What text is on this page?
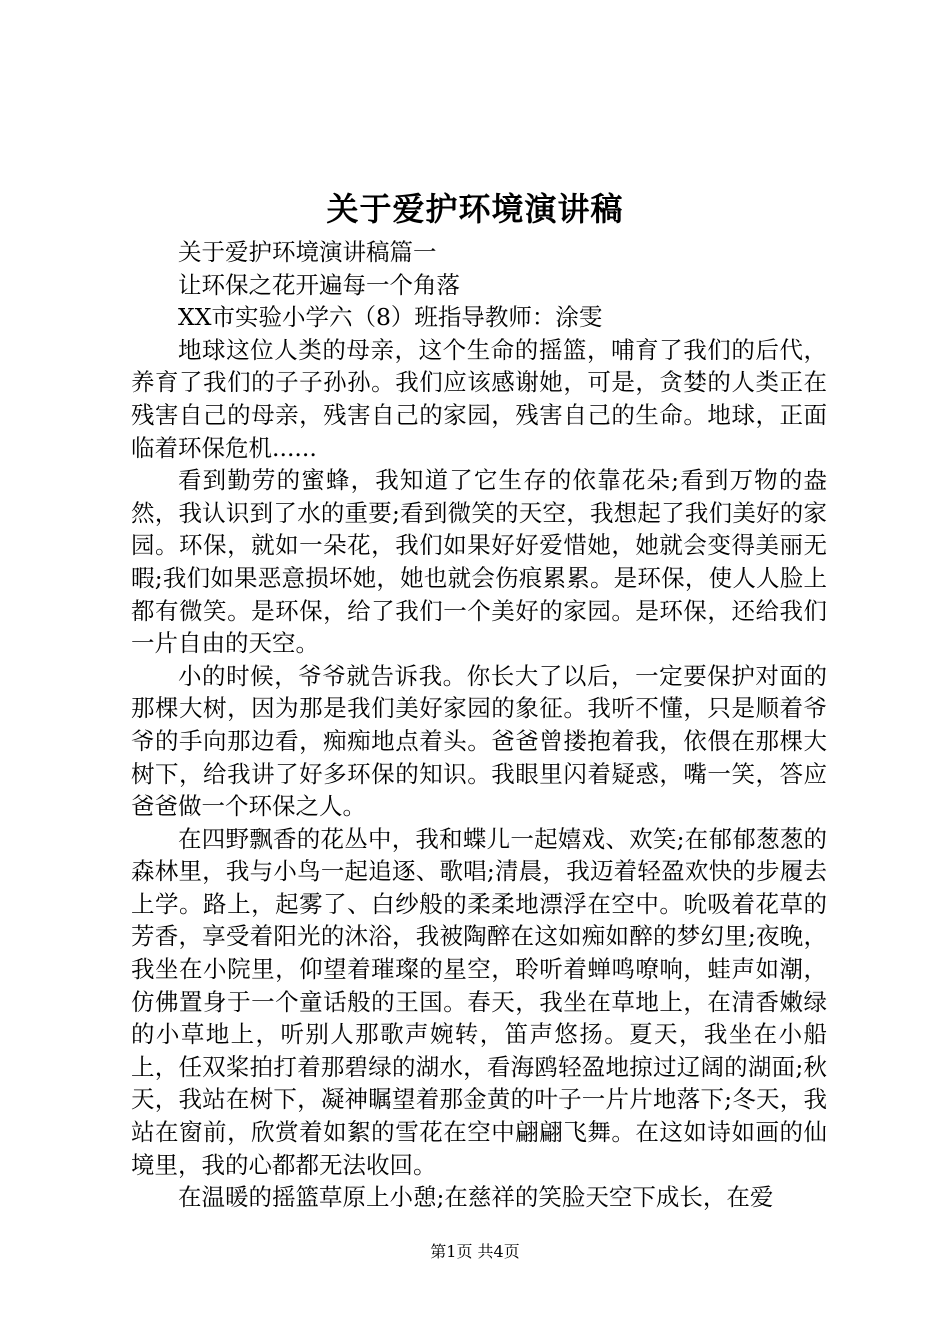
关于爱护环境演讲稿

关于爱护环境演讲稿篇一

让环保之花开遍每一个角落

XX市实验小学六（8）班指导教师：涂雯

地球这位人类的母亲，这个生命的摇篮，哺育了我们的后代，养育了我们的子子孙孙。我们应该感谢她，可是，贪婪的人类正在残害自己的母亲，残害自己的家园，残害自己的生命。地球，正面临着环保危机......

看到勤劳的蜜蜂，我知道了它生存的依靠花朵;看到万物的盎然，我认识到了水的重要;看到微笑的天空，我想起了我们美好的家园。环保，就如一朵花，我们如果好好爱惜她，她就会变得美丽无暇;我们如果恶意损坏她，她也就会伤痕累累。是环保，使人人脸上都有微笑。是环保，给了我们一个美好的家园。是环保，还给我们一片自由的天空。

小的时候，爷爷就告诉我。你长大了以后，一定要保护对面的那棵大树，因为那是我们美好家园的象征。我听不懂，只是顺着爷爷的手向那边看，痴痴地点着头。爸爸曾搂抱着我，依偎在那棵大树下，给我讲了好多环保的知识。我眼里闪着疑惑，嘴一笑，答应爸爸做一个环保之人。

在四野飘香的花丛中，我和蝶儿一起嬉戏、欢笑;在郁郁葱葱的森林里，我与小鸟一起追逐、歌唱;清晨，我迈着轻盈欢快的步履去上学。路上，起雾了、白纱般的柔柔地漂浮在空中。吮吸着花草的芳香，享受着阳光的沐浴，我被陶醉在这如痴如醉的梦幻里;夜晚，我坐在小院里，仰望着璀璨的星空，聆听着蝉鸣嘹响，蛙声如潮，仿佛置身于一个童话般的王国。春天，我坐在草地上，在清香嫩绿的小草地上，听别人那歌声婉转，笛声悠扬。夏天，我坐在小船上，任双桨拍打着那碧绿的湖水，看海鸥轻盈地掠过辽阔的湖面;秋天，我站在树下，凝神瞩望着那金黄的叶子一片片地落下;冬天，我站在窗前，欣赏着如絮的雪花在空中翩翩飞舞。在这如诗如画的仙境里，我的心都都无法收回。

在温暖的摇篮草原上小憩;在慈祥的笑脸天空下成长，在爱

第1页 共4页
